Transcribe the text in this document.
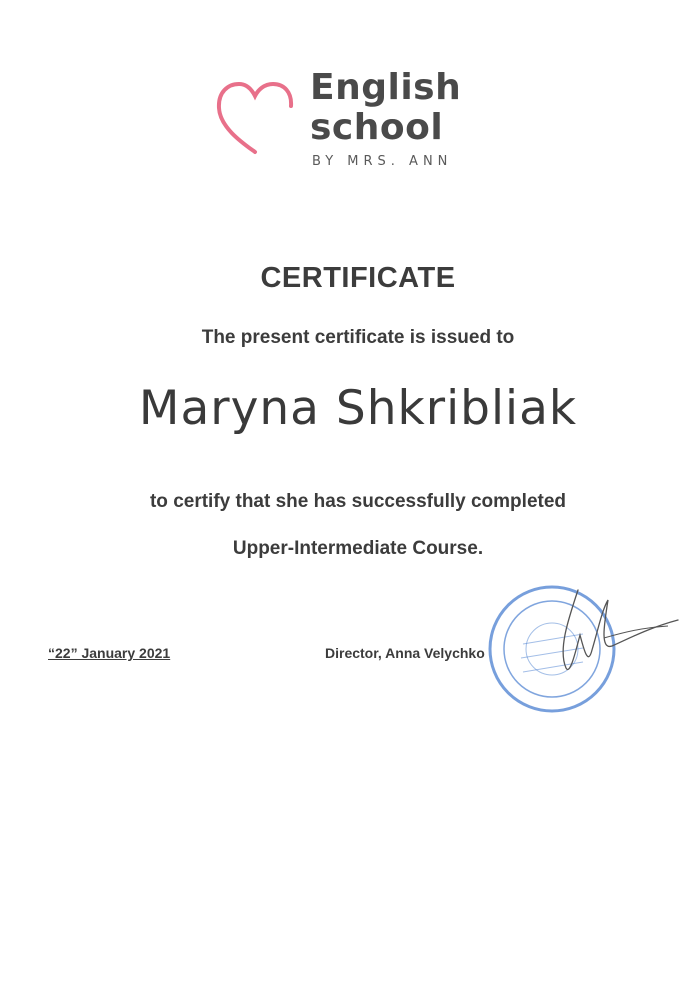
English
school
BY MRS. ANN
CERTIFICATE
The present certificate is issued to
Maryna Shkribliak
to certify that she has successfully completed
Upper-Intermediate Course.
“22” January 2021	Director, Anna Velychko
